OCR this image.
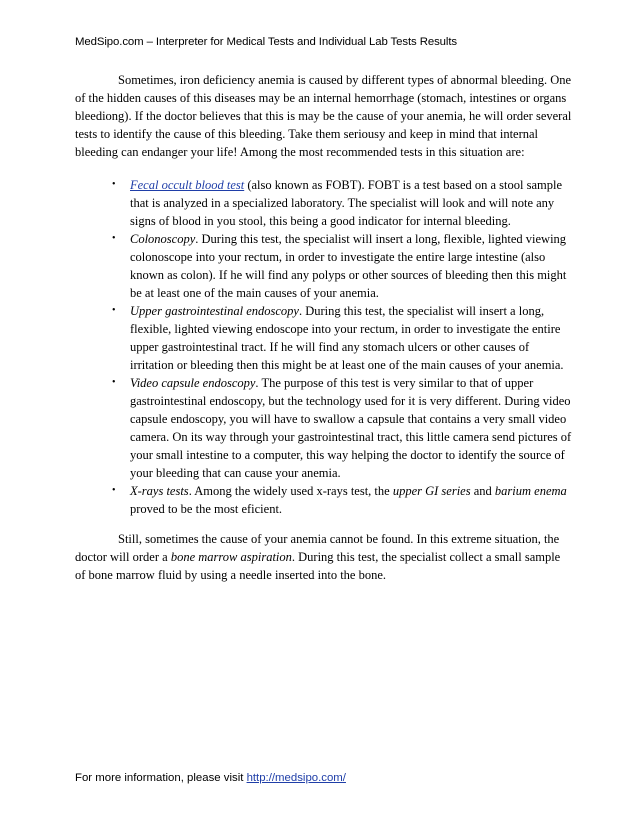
MedSipo.com – Interpreter for Medical Tests and Individual Lab Tests Results

Sometimes, iron deficiency anemia is caused by different types of abnormal bleeding. One of the hidden causes of this diseases may be an internal hemorrhage (stomach, intestines or organs bleediong). If the doctor believes that this is may be the cause of your anemia, he will order several tests to identify the cause of this bleeding. Take them seriousy and keep in mind that internal bleeding can endanger your life! Among the most recommended tests in this situation are:

• Fecal occult blood test (also known as FOBT). FOBT is a test based on a stool sample that is analyzed in a specialized laboratory. The specialist will look and will note any signs of blood in you stool, this being a good indicator for internal bleeding.
• Colonoscopy. During this test, the specialist will insert a long, flexible, lighted viewing colonoscope into your rectum, in order to investigate the entire large intestine (also known as colon). If he will find any polyps or other sources of bleeding then this might be at least one of the main causes of your anemia.
• Upper gastrointestinal endoscopy. During this test, the specialist will insert a long, flexible, lighted viewing endoscope into your rectum, in order to investigate the entire upper gastrointestinal tract. If he will find any stomach ulcers or other causes of irritation or bleeding then this might be at least one of the main causes of your anemia.
• Video capsule endoscopy. The purpose of this test is very similar to that of upper gastrointestinal endoscopy, but the technology used for it is very different. During video capsule endoscopy, you will have to swallow a capsule that contains a very small video camera. On its way through your gastrointestinal tract, this little camera send pictures of your small intestine to a computer, this way helping the doctor to identify the source of your bleeding that can cause your anemia.
• X-rays tests. Among the widely used x-rays test, the upper GI series and barium enema proved to be the most eficient.

Still, sometimes the cause of your anemia cannot be found. In this extreme situation, the doctor will order a bone marrow aspiration. During this test, the specialist collect a small sample of bone marrow fluid by using a needle inserted into the bone.

For more information, please visit http://medsipo.com/
